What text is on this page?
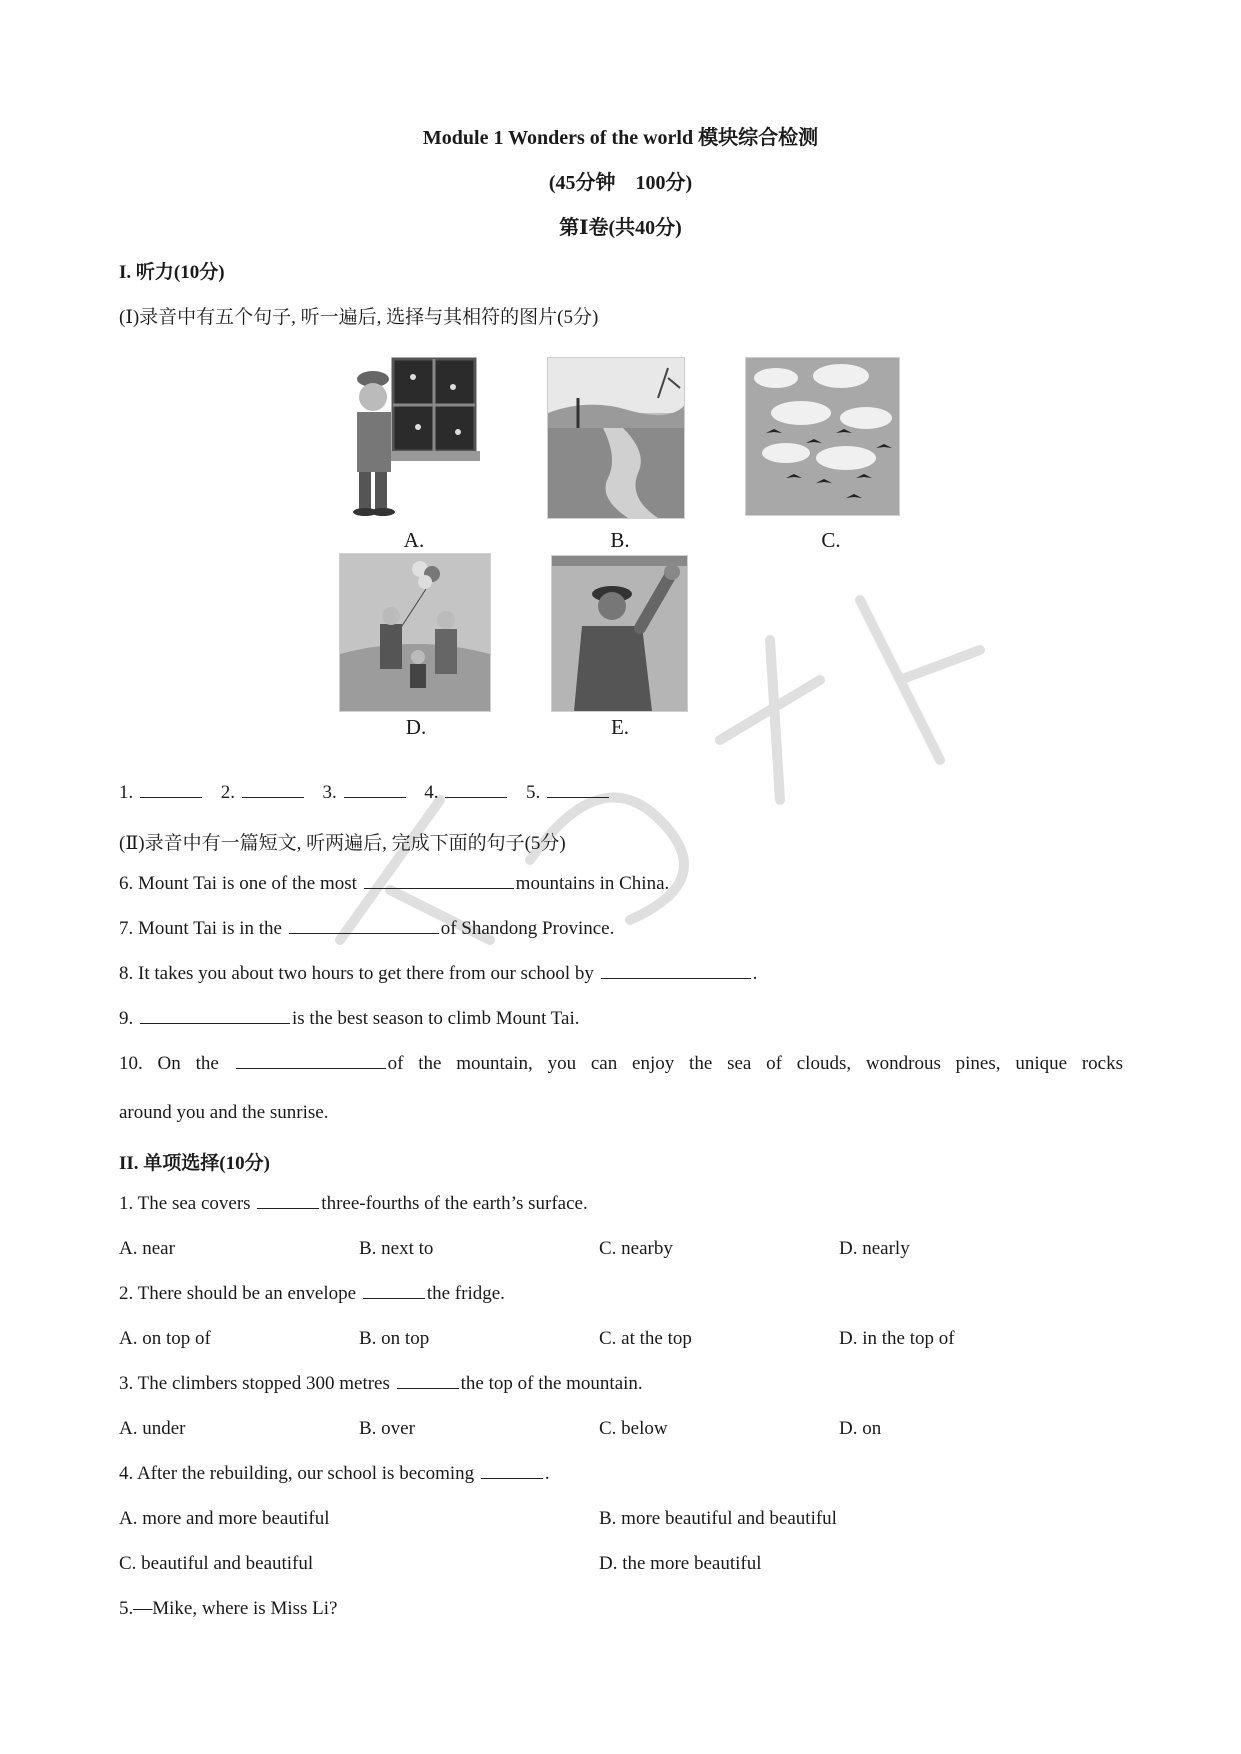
Module 1 Wonders of the world 模块综合检测
(45分钟　100分)
第Ⅰ卷(共40分)
I. 听力(10分)
(Ⅰ)录音中有五个句子, 听一遍后, 选择与其相符的图片(5分)
A.	B.	C.
D.	E.
1.	2.	3.	4.	5.
(Ⅱ)录音中有一篇短文, 听两遍后, 完成下面的句子(5分)
6. Mount Tai is one of the most	mountains in China.
7. Mount Tai is in the	of Shandong Province.
8. It takes you about two hours to get there from our school by	.
9.	is the best season to climb Mount Tai.
10. On the	of the mountain, you can enjoy the sea of clouds, wondrous pines, unique rocks
around you and the sunrise.
II. 单项选择(10分)
1. The sea covers	three-fourths of the earth’s surface.
A. near	B. next to	C. nearby	D. nearly
2. There should be an envelope	the fridge.
A. on top of	B. on top	C. at the top	D. in the top of
3. The climbers stopped 300 metres	the top of the mountain.
A. under	B. over	C. below	D. on
4. After the rebuilding, our school is becoming	.
A. more and more beautiful	B. more beautiful and beautiful
C. beautiful and beautiful	D. the more beautiful
5.—Mike, where is Miss Li?
